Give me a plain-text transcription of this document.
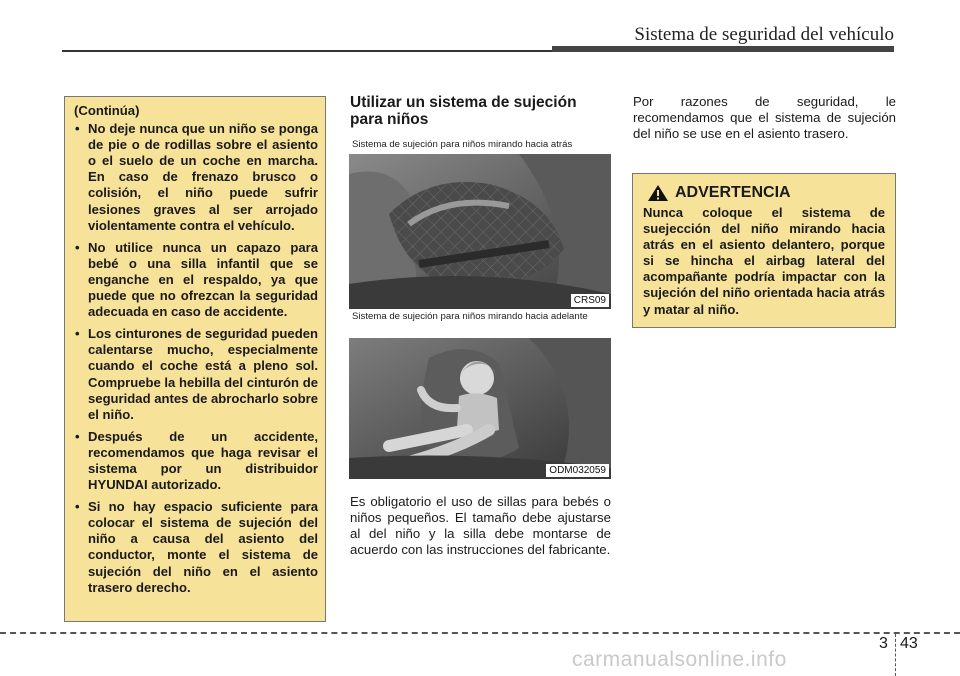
Sistema de seguridad del vehículo

(Continúa)

• No deje nunca que un niño se ponga de pie o de rodillas sobre el asiento o el suelo de un coche en marcha. En caso de frenazo brusco o colisión, el niño puede sufrir lesiones graves al ser arrojado violentamente contra el vehículo.
• No utilice nunca un capazo para bebé o una silla infantil que se enganche en el respaldo, ya que puede que no ofrezcan la seguridad adecuada en caso de accidente.
• Los cinturones de seguridad pueden calentarse mucho, especialmente cuando el coche está a pleno sol. Compruebe la hebilla del cinturón de seguridad antes de abrocharlo sobre el niño.
• Después de un accidente, recomendamos que haga revisar el sistema por un distribuidor HYUNDAI autorizado.
• Si no hay espacio suficiente para colocar el sistema de sujeción del niño a causa del asiento del conductor, monte el sistema de sujeción del niño en el asiento trasero derecho.
Utilizar un sistema de sujeción para niños
Sistema de sujeción para niños mirando hacia atrás
CRS09
Sistema de sujeción para niños mirando hacia adelante
ODM032059

Es obligatorio el uso de sillas para bebés o niños pequeños. El tamaño debe ajustarse al del niño y la silla debe montarse de acuerdo con las instrucciones del fabricante.

Por razones de seguridad, le recomendamos que el sistema de sujeción del niño se use en el asiento trasero.

ADVERTENCIA

Nunca coloque el sistema de suejección del niño mirando hacia atrás en el asiento delantero, porque si se hincha el airbag lateral del acompañante podría impactar con la sujeción del niño orientada hacia atrás y matar al niño.

3 43
carmanualsonline.info
